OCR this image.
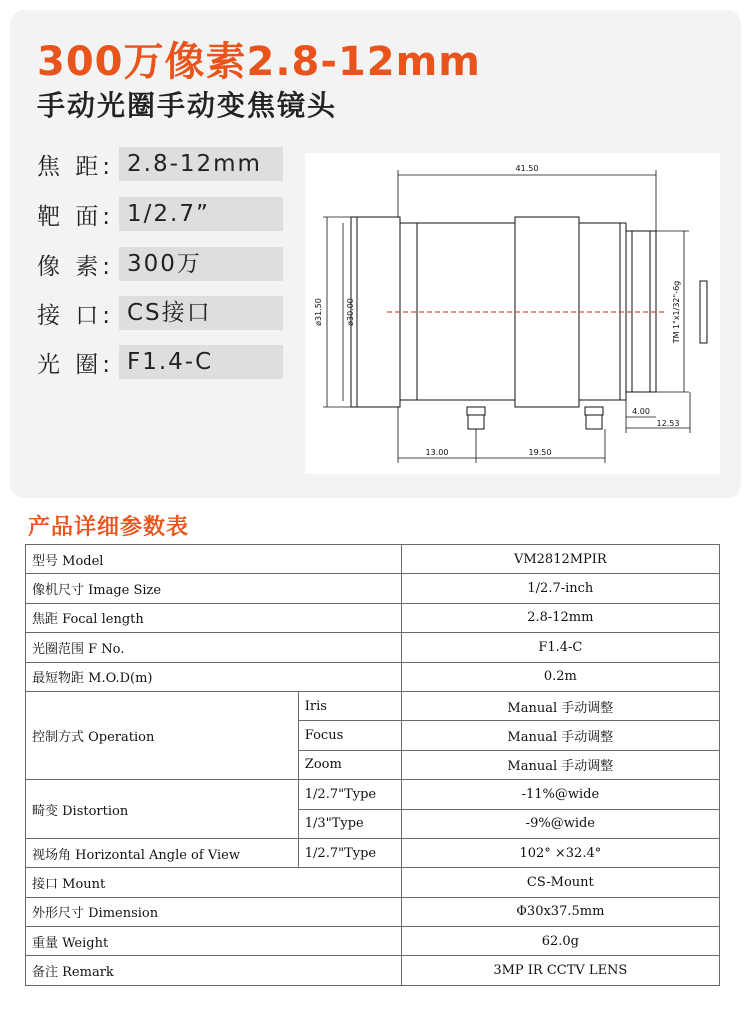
300万像素2.8-12mm
手动光圈手动变焦镜头
焦 距: 2.8-12mm
靶 面: 1/2.7”
像 素: 300万
接 口: CS接口
光 圈: F1.4-C
41.50
ø31.50	ø30.00	TM 1"x1/32"-6g
13.00	19.50
4.00
12.53
产品详细参数表
型号 Model		VM2812MPIR
像机尺寸 Image Size		1/2.7-inch
焦距 Focal length		2.8-12mm
光圈范围 F No.		F1.4-C
最短物距 M.O.D(m)		0.2m
控制方式 Operation	Iris	Manual 手动调整
	Focus	Manual 手动调整
	Zoom	Manual 手动调整
畸变 Distortion	1/2.7"Type	-11%@wide
	1/3"Type	-9%@wide
视场角 Horizontal Angle of View	1/2.7"Type	102° ×32.4°
接口 Mount		CS-Mount
外形尺寸 Dimension		Φ30x37.5mm
重量 Weight		62.0g
备注 Remark		3MP IR CCTV LENS
